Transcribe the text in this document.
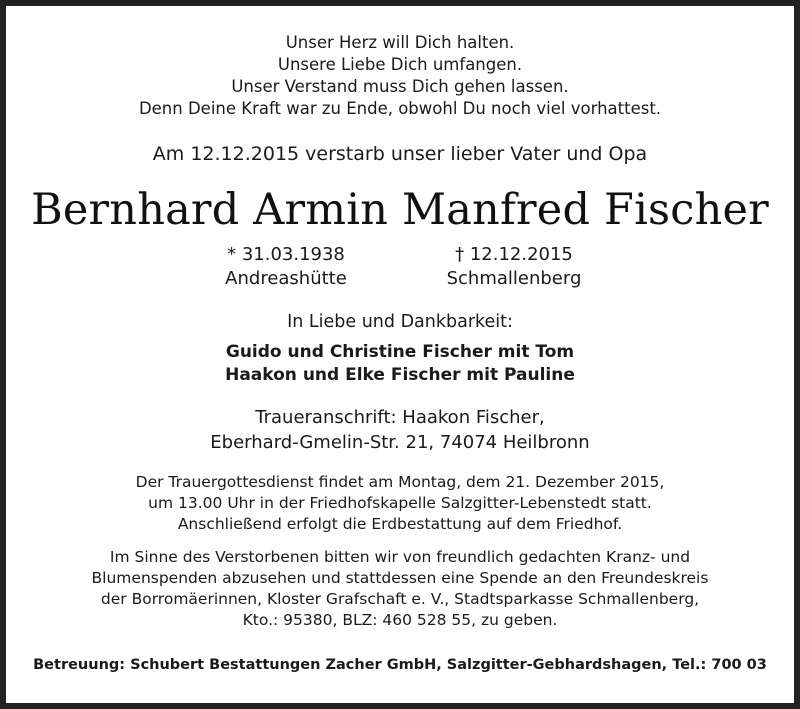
Unser Herz will Dich halten.
Unsere Liebe Dich umfangen.
Unser Verstand muss Dich gehen lassen.
Denn Deine Kraft war zu Ende, obwohl Du noch viel vorhattest.
Am 12.12.2015 verstarb unser lieber Vater und Opa
Bernhard Armin Manfred Fischer
* 31.03.1938
Andreashütte
† 12.12.2015
Schmallenberg
In Liebe und Dankbarkeit:
Guido und Christine Fischer mit Tom
Haakon und Elke Fischer mit Pauline
Traueranschrift: Haakon Fischer,
Eberhard-Gmelin-Str. 21, 74074 Heilbronn
Der Trauergottesdienst findet am Montag, dem 21. Dezember 2015,
um 13.00 Uhr in der Friedhofskapelle Salzgitter-Lebenstedt statt.
Anschließend erfolgt die Erdbestattung auf dem Friedhof.
Im Sinne des Verstorbenen bitten wir von freundlich gedachten Kranz- und
Blumenspenden abzusehen und stattdessen eine Spende an den Freundeskreis
der Borromäerinnen, Kloster Grafschaft e. V., Stadtsparkasse Schmallenberg,
Kto.: 95380, BLZ: 460 528 55, zu geben.
Betreuung: Schubert Bestattungen Zacher GmbH, Salzgitter-Gebhardshagen, Tel.: 700 03
